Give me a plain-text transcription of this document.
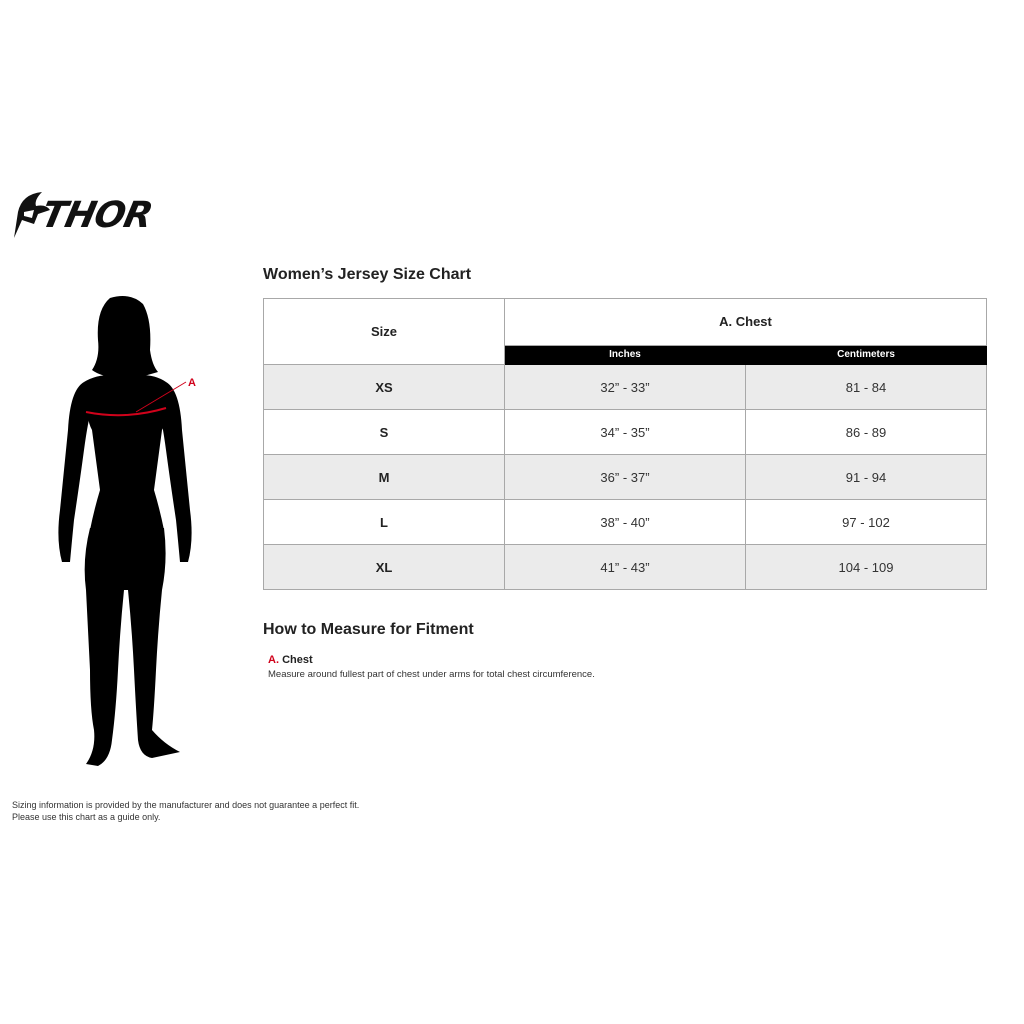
THOR
A
Women’s Jersey Size Chart
Size	A. Chest	
	Inches	Centimeters
XS	32” - 33”	81 - 84
S	34” - 35”	86 - 89
M	36” - 37”	91 - 94
L	38” - 40”	97 - 102
XL	41” - 43”	104 - 109
How to Measure for Fitment
A. Chest
Measure around fullest part of chest under arms for total chest circumference.
Sizing information is provided by the manufacturer and does not guarantee a perfect fit.
Please use this chart as a guide only.
